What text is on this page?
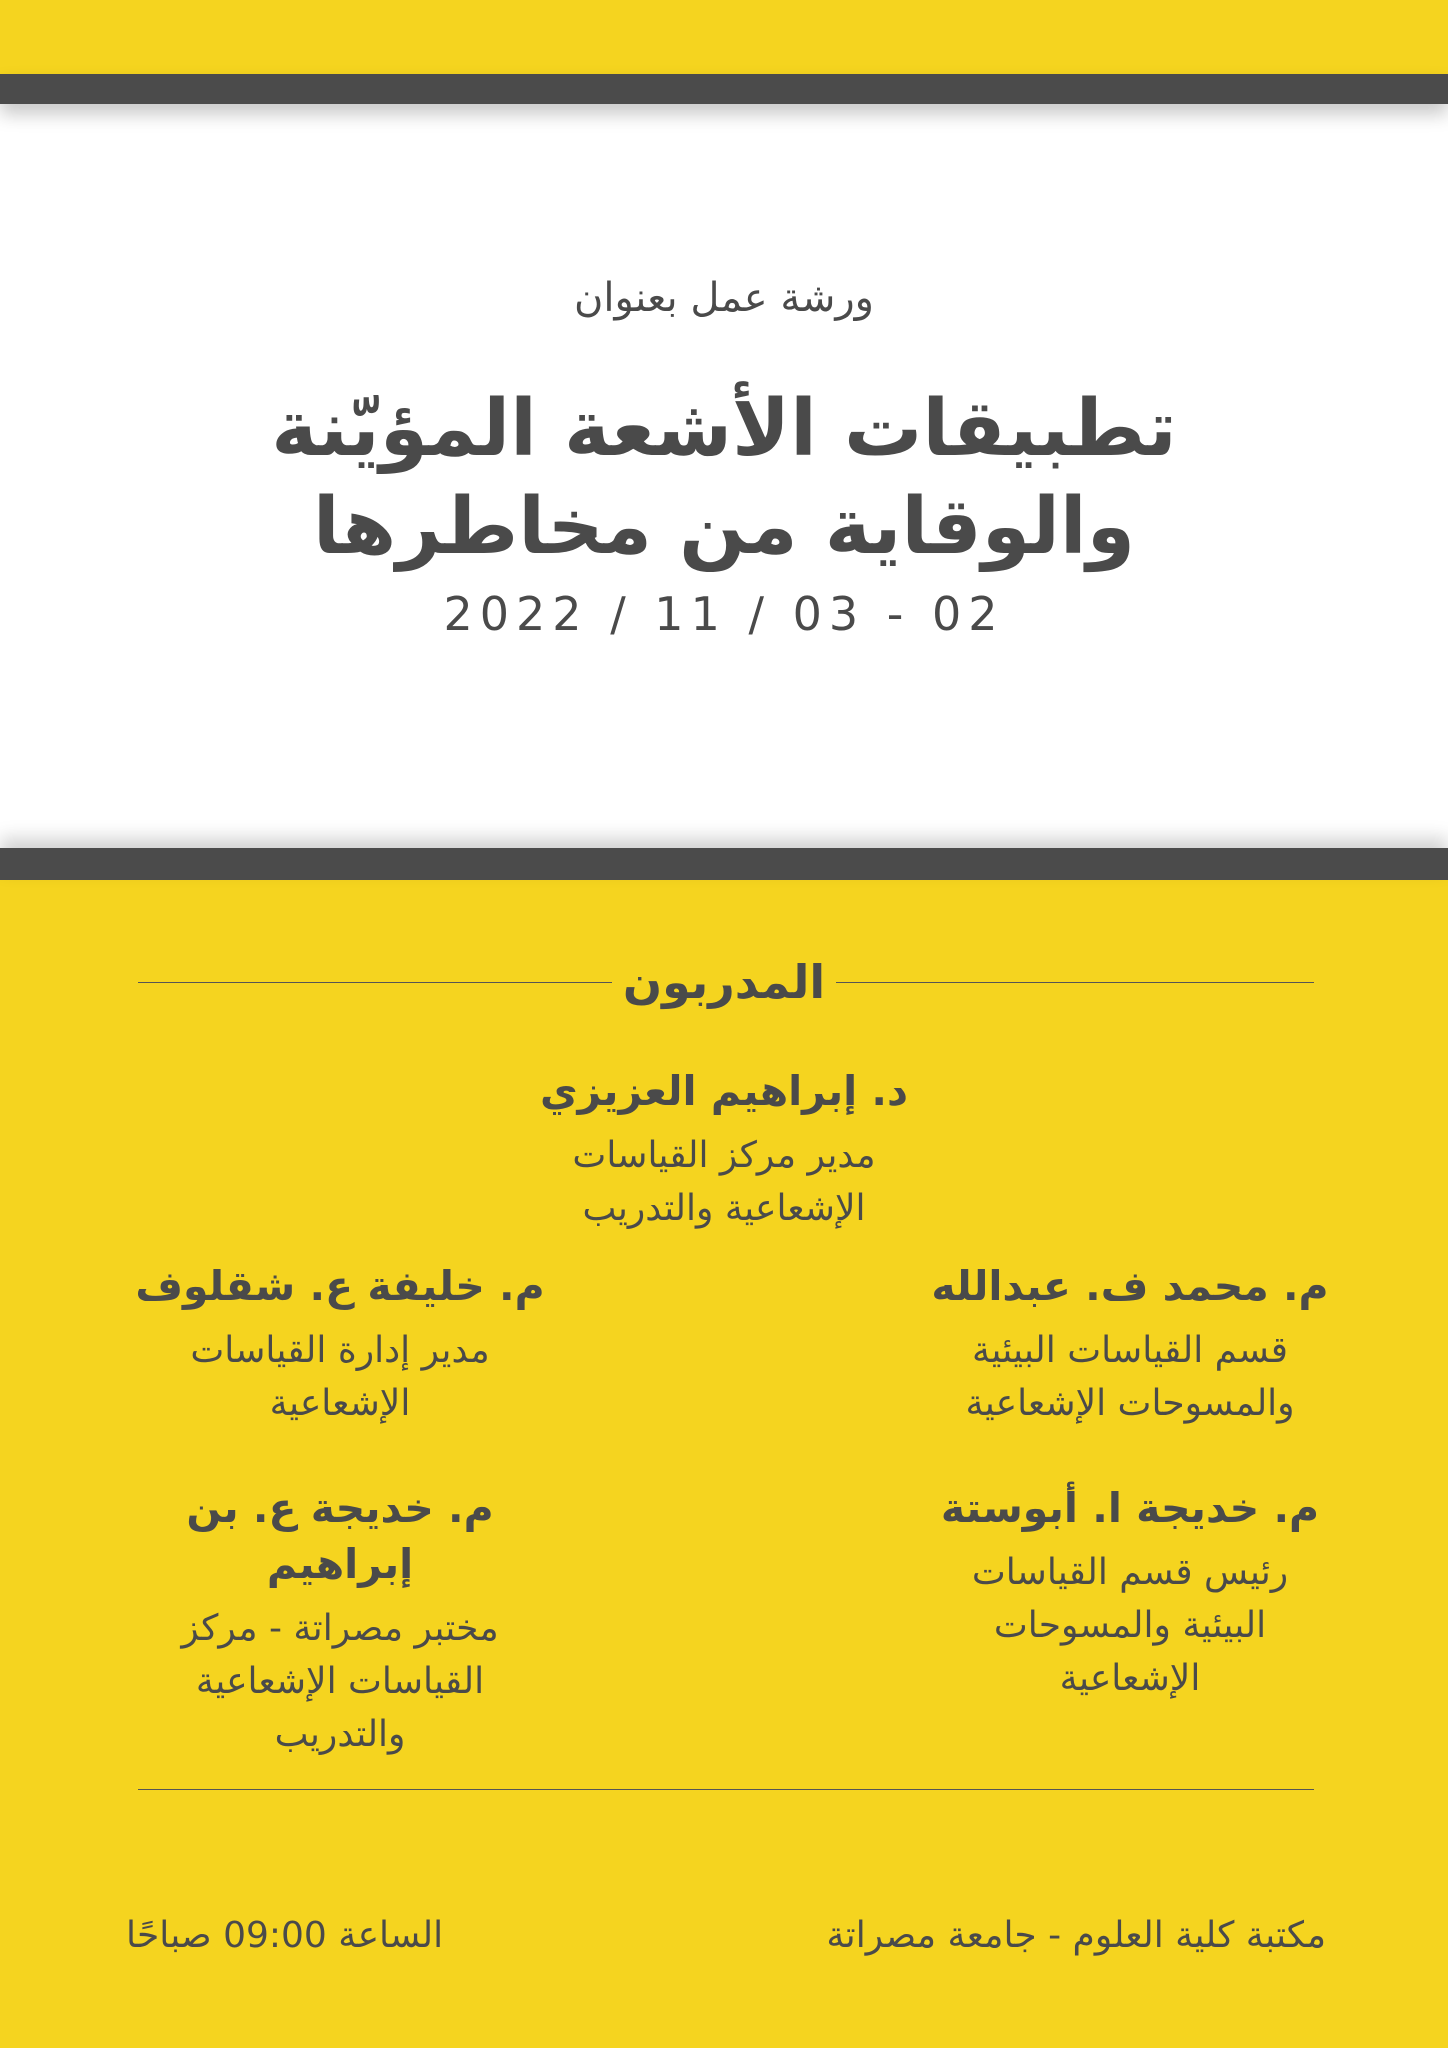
ورشة عمل بعنوان
تطبيقات الأشعة المؤيّنة
والوقاية من مخاطرها
2022 / 11 / 03 - 02
المدربون
د. إبراهيم العزيزي
مدير مركز القياسات
الإشعاعية والتدريب
م. محمد ف. عبدالله
قسم القياسات البيئية
والمسوحات الإشعاعية
م. خليفة ع. شقلوف
مدير إدارة القياسات
الإشعاعية
م. خديجة ا. أبوستة
رئيس قسم القياسات
البيئية والمسوحات
الإشعاعية
م. خديجة ع. بن إبراهيم
مختبر مصراتة - مركز
القياسات الإشعاعية
والتدريب
مكتبة كلية العلوم - جامعة مصراتة
الساعة 09:00 صباحًا
